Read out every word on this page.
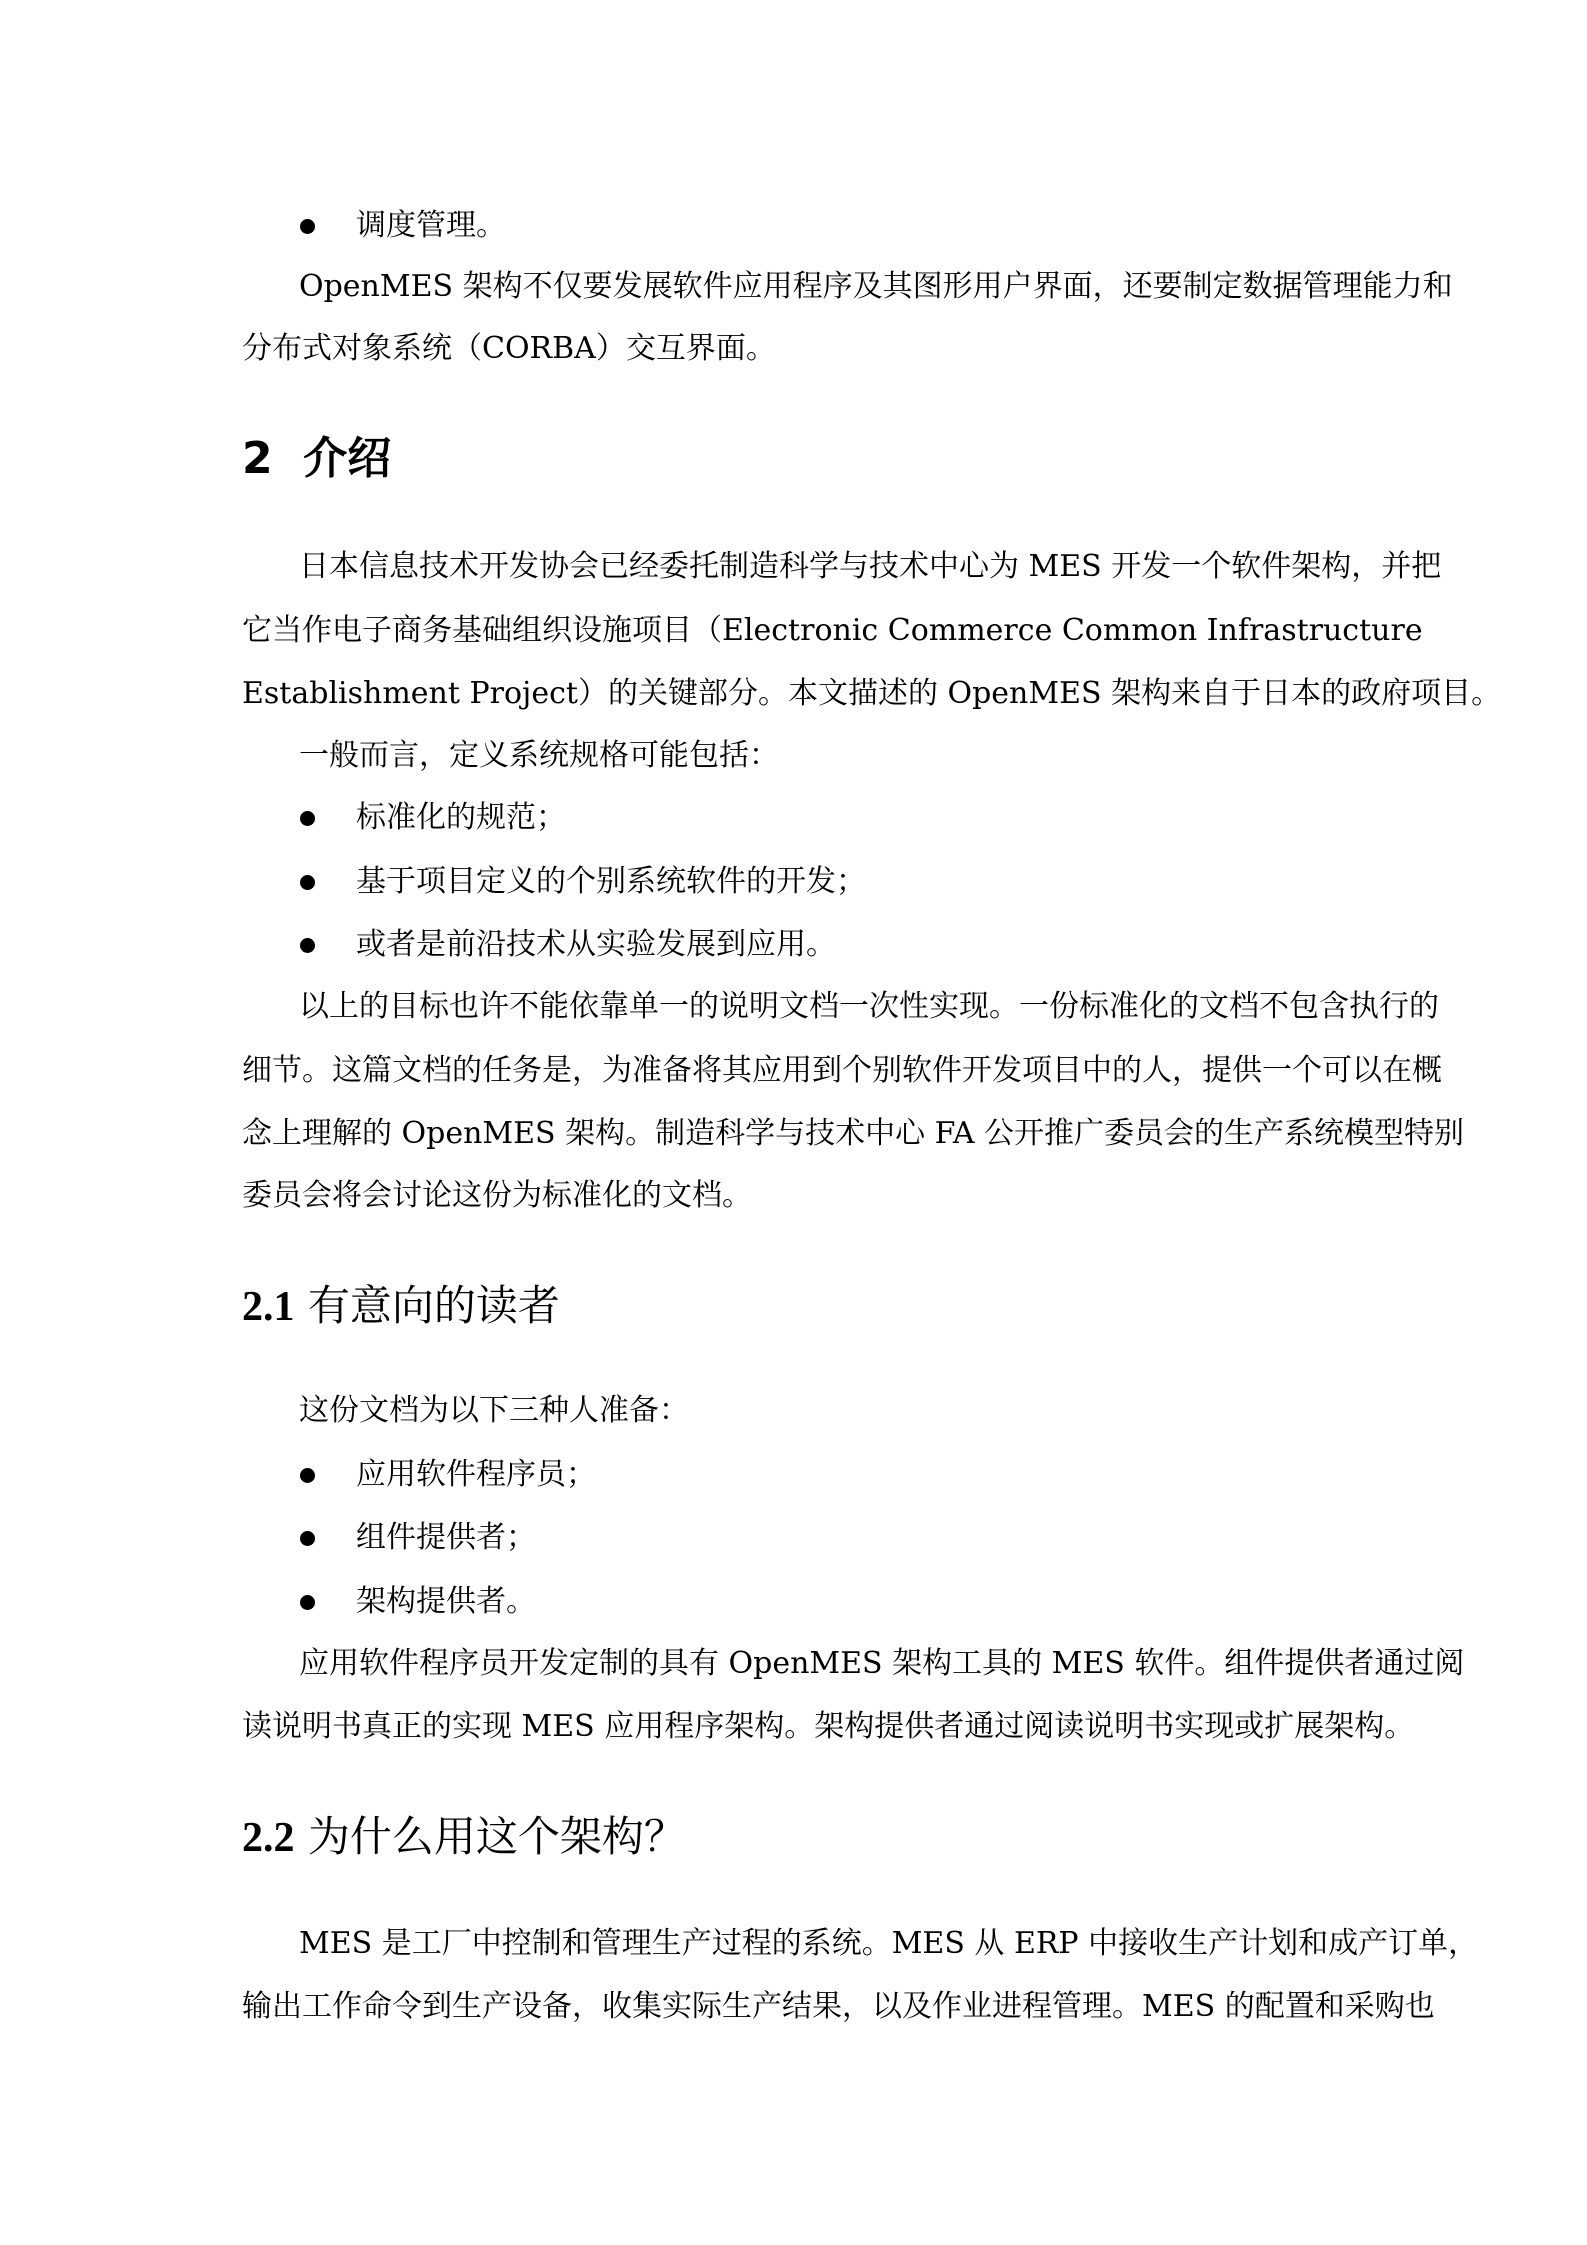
调度管理。
OpenMES 架构不仅要发展软件应用程序及其图形用户界面，还要制定数据管理能力和
分布式对象系统（CORBA）交互界面。
2 介绍
日本信息技术开发协会已经委托制造科学与技术中心为 MES 开发一个软件架构，并把
它当作电子商务基础组织设施项目（Electronic Commerce Common Infrastructure
Establishment Project）的关键部分。本文描述的 OpenMES 架构来自于日本的政府项目。
一般而言，定义系统规格可能包括：
标准化的规范；
基于项目定义的个别系统软件的开发；
或者是前沿技术从实验发展到应用。
以上的目标也许不能依靠单一的说明文档一次性实现。一份标准化的文档不包含执行的
细节。这篇文档的任务是，为准备将其应用到个别软件开发项目中的人，提供一个可以在概
念上理解的 OpenMES 架构。制造科学与技术中心 FA 公开推广委员会的生产系统模型特别
委员会将会讨论这份为标准化的文档。
2.1 有意向的读者
这份文档为以下三种人准备：
应用软件程序员；
组件提供者；
架构提供者。
应用软件程序员开发定制的具有 OpenMES 架构工具的 MES 软件。组件提供者通过阅
读说明书真正的实现 MES 应用程序架构。架构提供者通过阅读说明书实现或扩展架构。
2.2 为什么用这个架构？
MES 是工厂中控制和管理生产过程的系统。MES 从 ERP 中接收生产计划和成产订单，
输出工作命令到生产设备，收集实际生产结果，以及作业进程管理。MES 的配置和采购也
